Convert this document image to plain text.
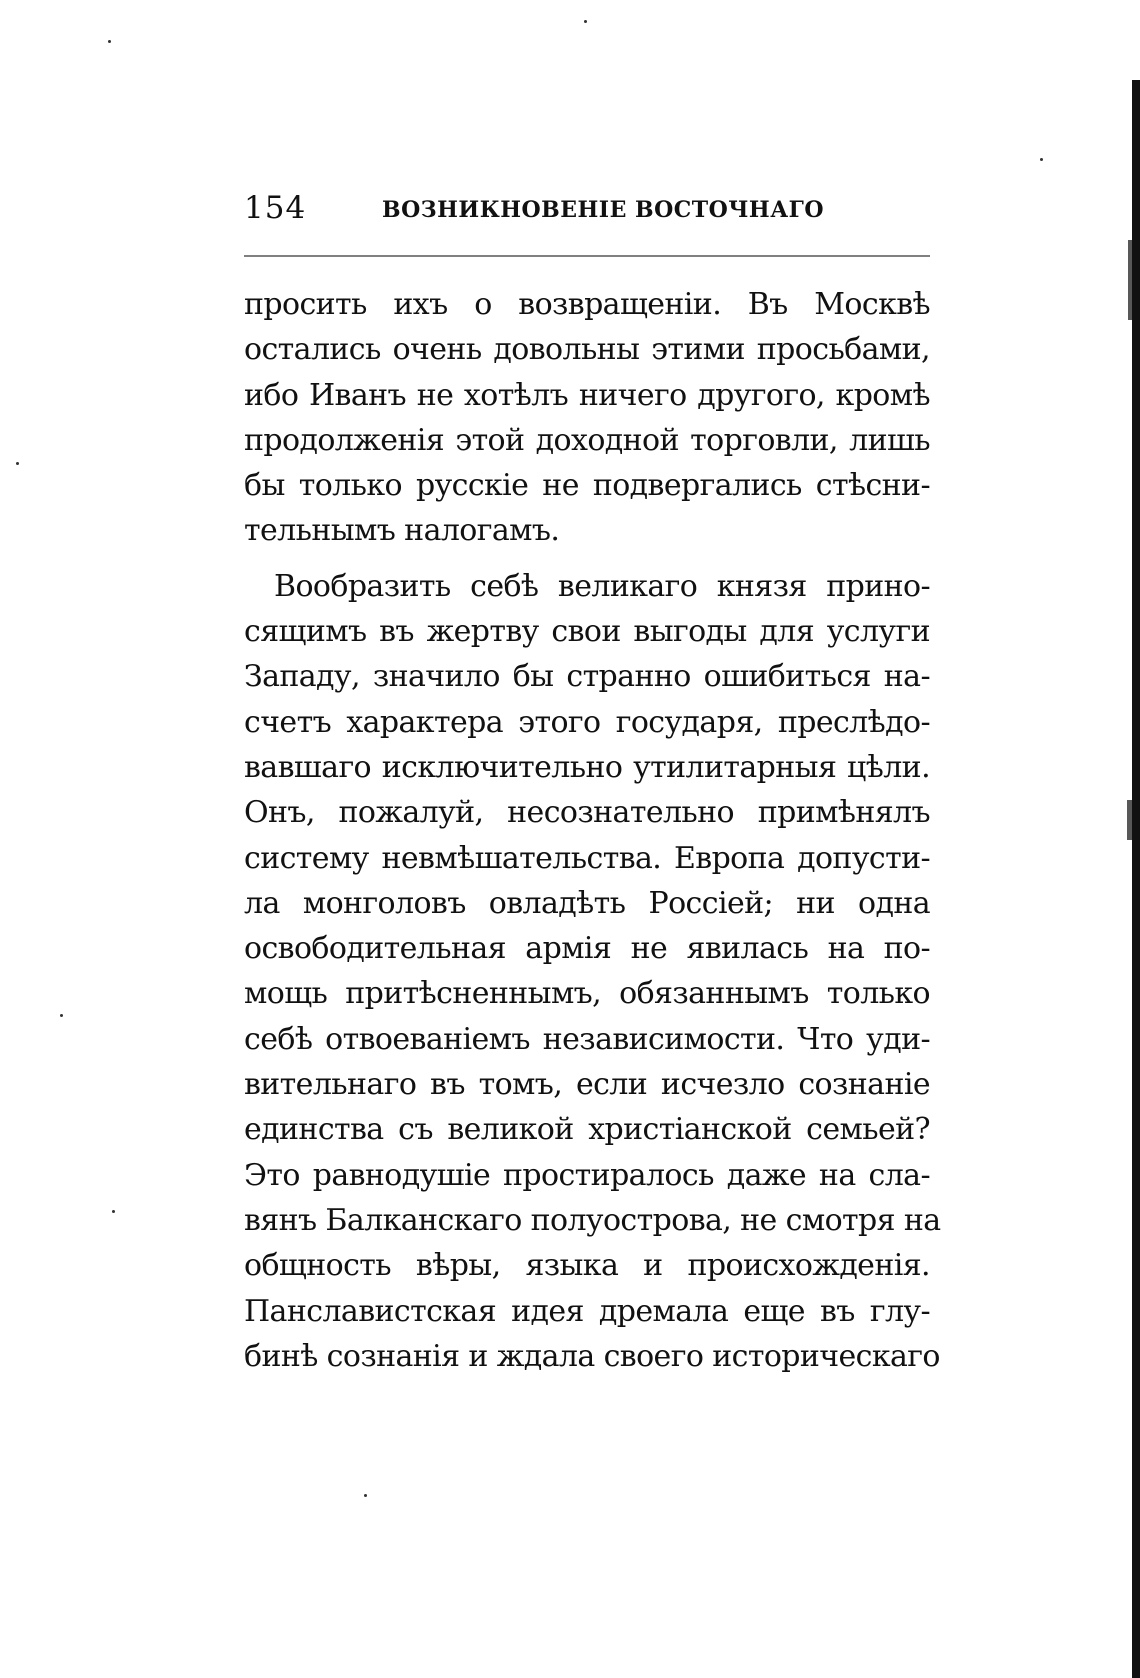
154	ВОЗНИКНОВЕНІЕ ВОСТОЧНАГО
просить ихъ о возвращеніи. Въ Москвѣ
остались очень довольны этими просьбами,
ибо Иванъ не хотѣлъ ничего другого, кромѣ
продолженія этой доходной торговли, лишь
бы только русскіе не подвергались стѣсни-
тельнымъ налогамъ.
Вообразить себѣ великаго князя прино-
сящимъ въ жертву свои выгоды для услуги
Западу, значило бы странно ошибиться на-
счетъ характера этого государя, преслѣдо-
вавшаго исключительно утилитарныя цѣли.
Онъ, пожалуй, несознательно примѣнялъ
систему невмѣшательства. Европа допусти-
ла монголовъ овладѣть Россіей; ни одна
освободительная армія не явилась на по-
мощь притѣсненнымъ, обязаннымъ только
себѣ отвоеваніемъ независимости. Что уди-
вительнаго въ томъ, если исчезло сознаніе
единства съ великой христіанской семьей?
Это равнодушіе простиралось даже на сла-
вянъ Балканскаго полуострова, не смотря на
общность вѣры, языка и происхожденія.
Панславистская идея дремала еще въ глу-
бинѣ сознанія и ждала своего историческаго
